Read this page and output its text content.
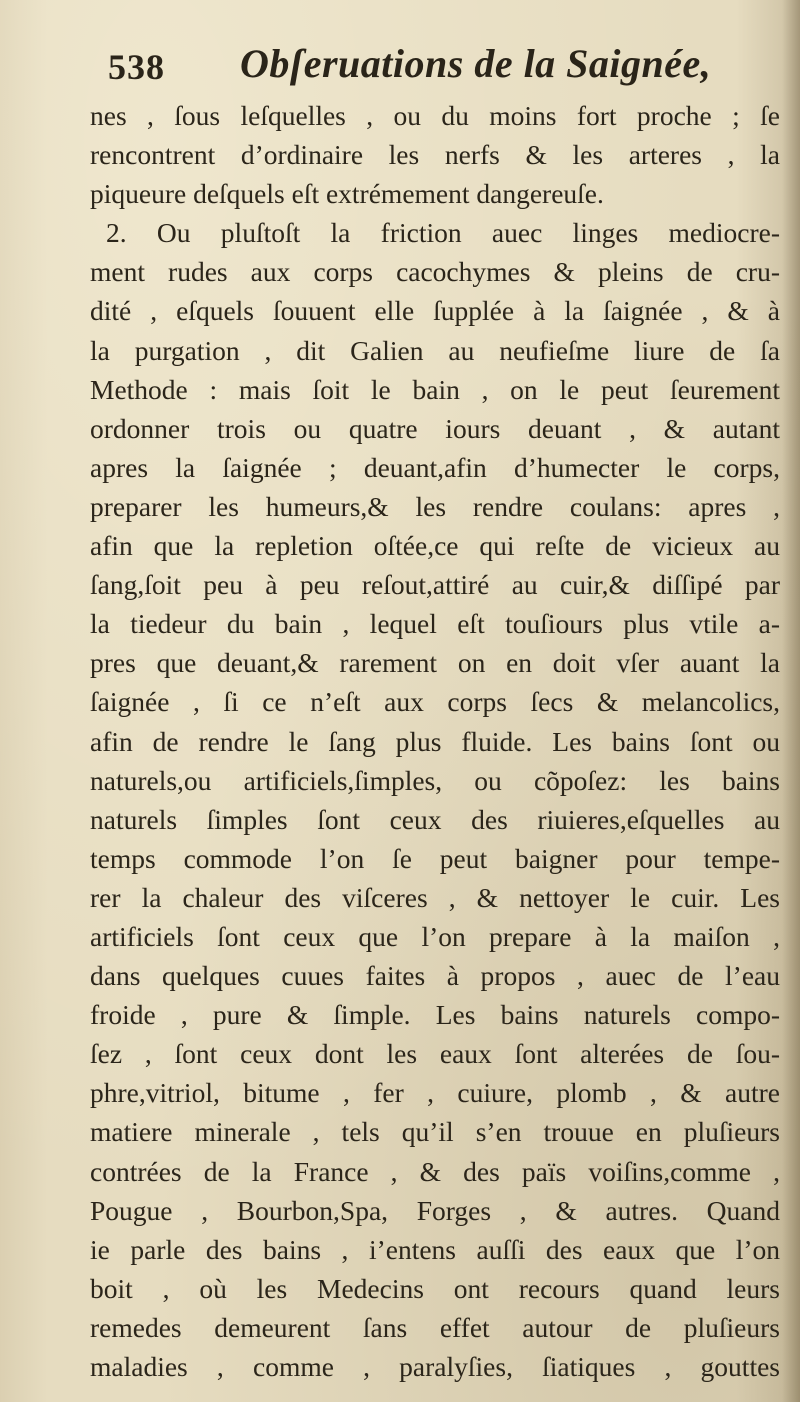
538 Obſeruations de la Saignée,
nes , ſous leſquelles , ou du moins fort proche ; ſe
rencontrent d’ordinaire les nerfs & les arteres , la
piqueure deſquels eſt extrémement dangereuſe.
2. Ou pluſtoſt la friction auec linges mediocre-
ment rudes aux corps cacochymes & pleins de cru-
dité , eſquels ſouuent elle ſupplée à la ſaignée , & à
la purgation , dit Galien au neufieſme liure de ſa
Methode : mais ſoit le bain , on le peut ſeurement
ordonner trois ou quatre iours deuant , & autant
apres la ſaignée ; deuant,afin d’humecter le corps,
preparer les humeurs,& les rendre coulans: apres ,
afin que la repletion oſtée,ce qui reſte de vicieux au
ſang,ſoit peu à peu reſout,attiré au cuir,& diſſipé par
la tiedeur du bain , lequel eſt touſiours plus vtile a-
pres que deuant,& rarement on en doit vſer auant la
ſaignée , ſi ce n’eſt aux corps ſecs & melancolics,
afin de rendre le ſang plus fluide. Les bains ſont ou
naturels,ou artificiels,ſimples, ou cõpoſez: les bains
naturels ſimples ſont ceux des riuieres,eſquelles au
temps commode l’on ſe peut baigner pour tempe-
rer la chaleur des viſceres , & nettoyer le cuir. Les
artificiels ſont ceux que l’on prepare à la maiſon ,
dans quelques cuues faites à propos , auec de l’eau
froide , pure & ſimple. Les bains naturels compo-
ſez , ſont ceux dont les eaux ſont alterées de ſou-
phre,vitriol, bitume , fer , cuiure, plomb , & autre
matiere minerale , tels qu’il s’en trouue en pluſieurs
contrées de la France , & des païs voiſins,comme ,
Pougue , Bourbon,Spa, Forges , & autres. Quand
ie parle des bains , i’entens auſſi des eaux que l’on
boit , où les Medecins ont recours quand leurs
remedes demeurent ſans effet autour de pluſieurs
maladies , comme , paralyſies, ſiatiques , gouttes
